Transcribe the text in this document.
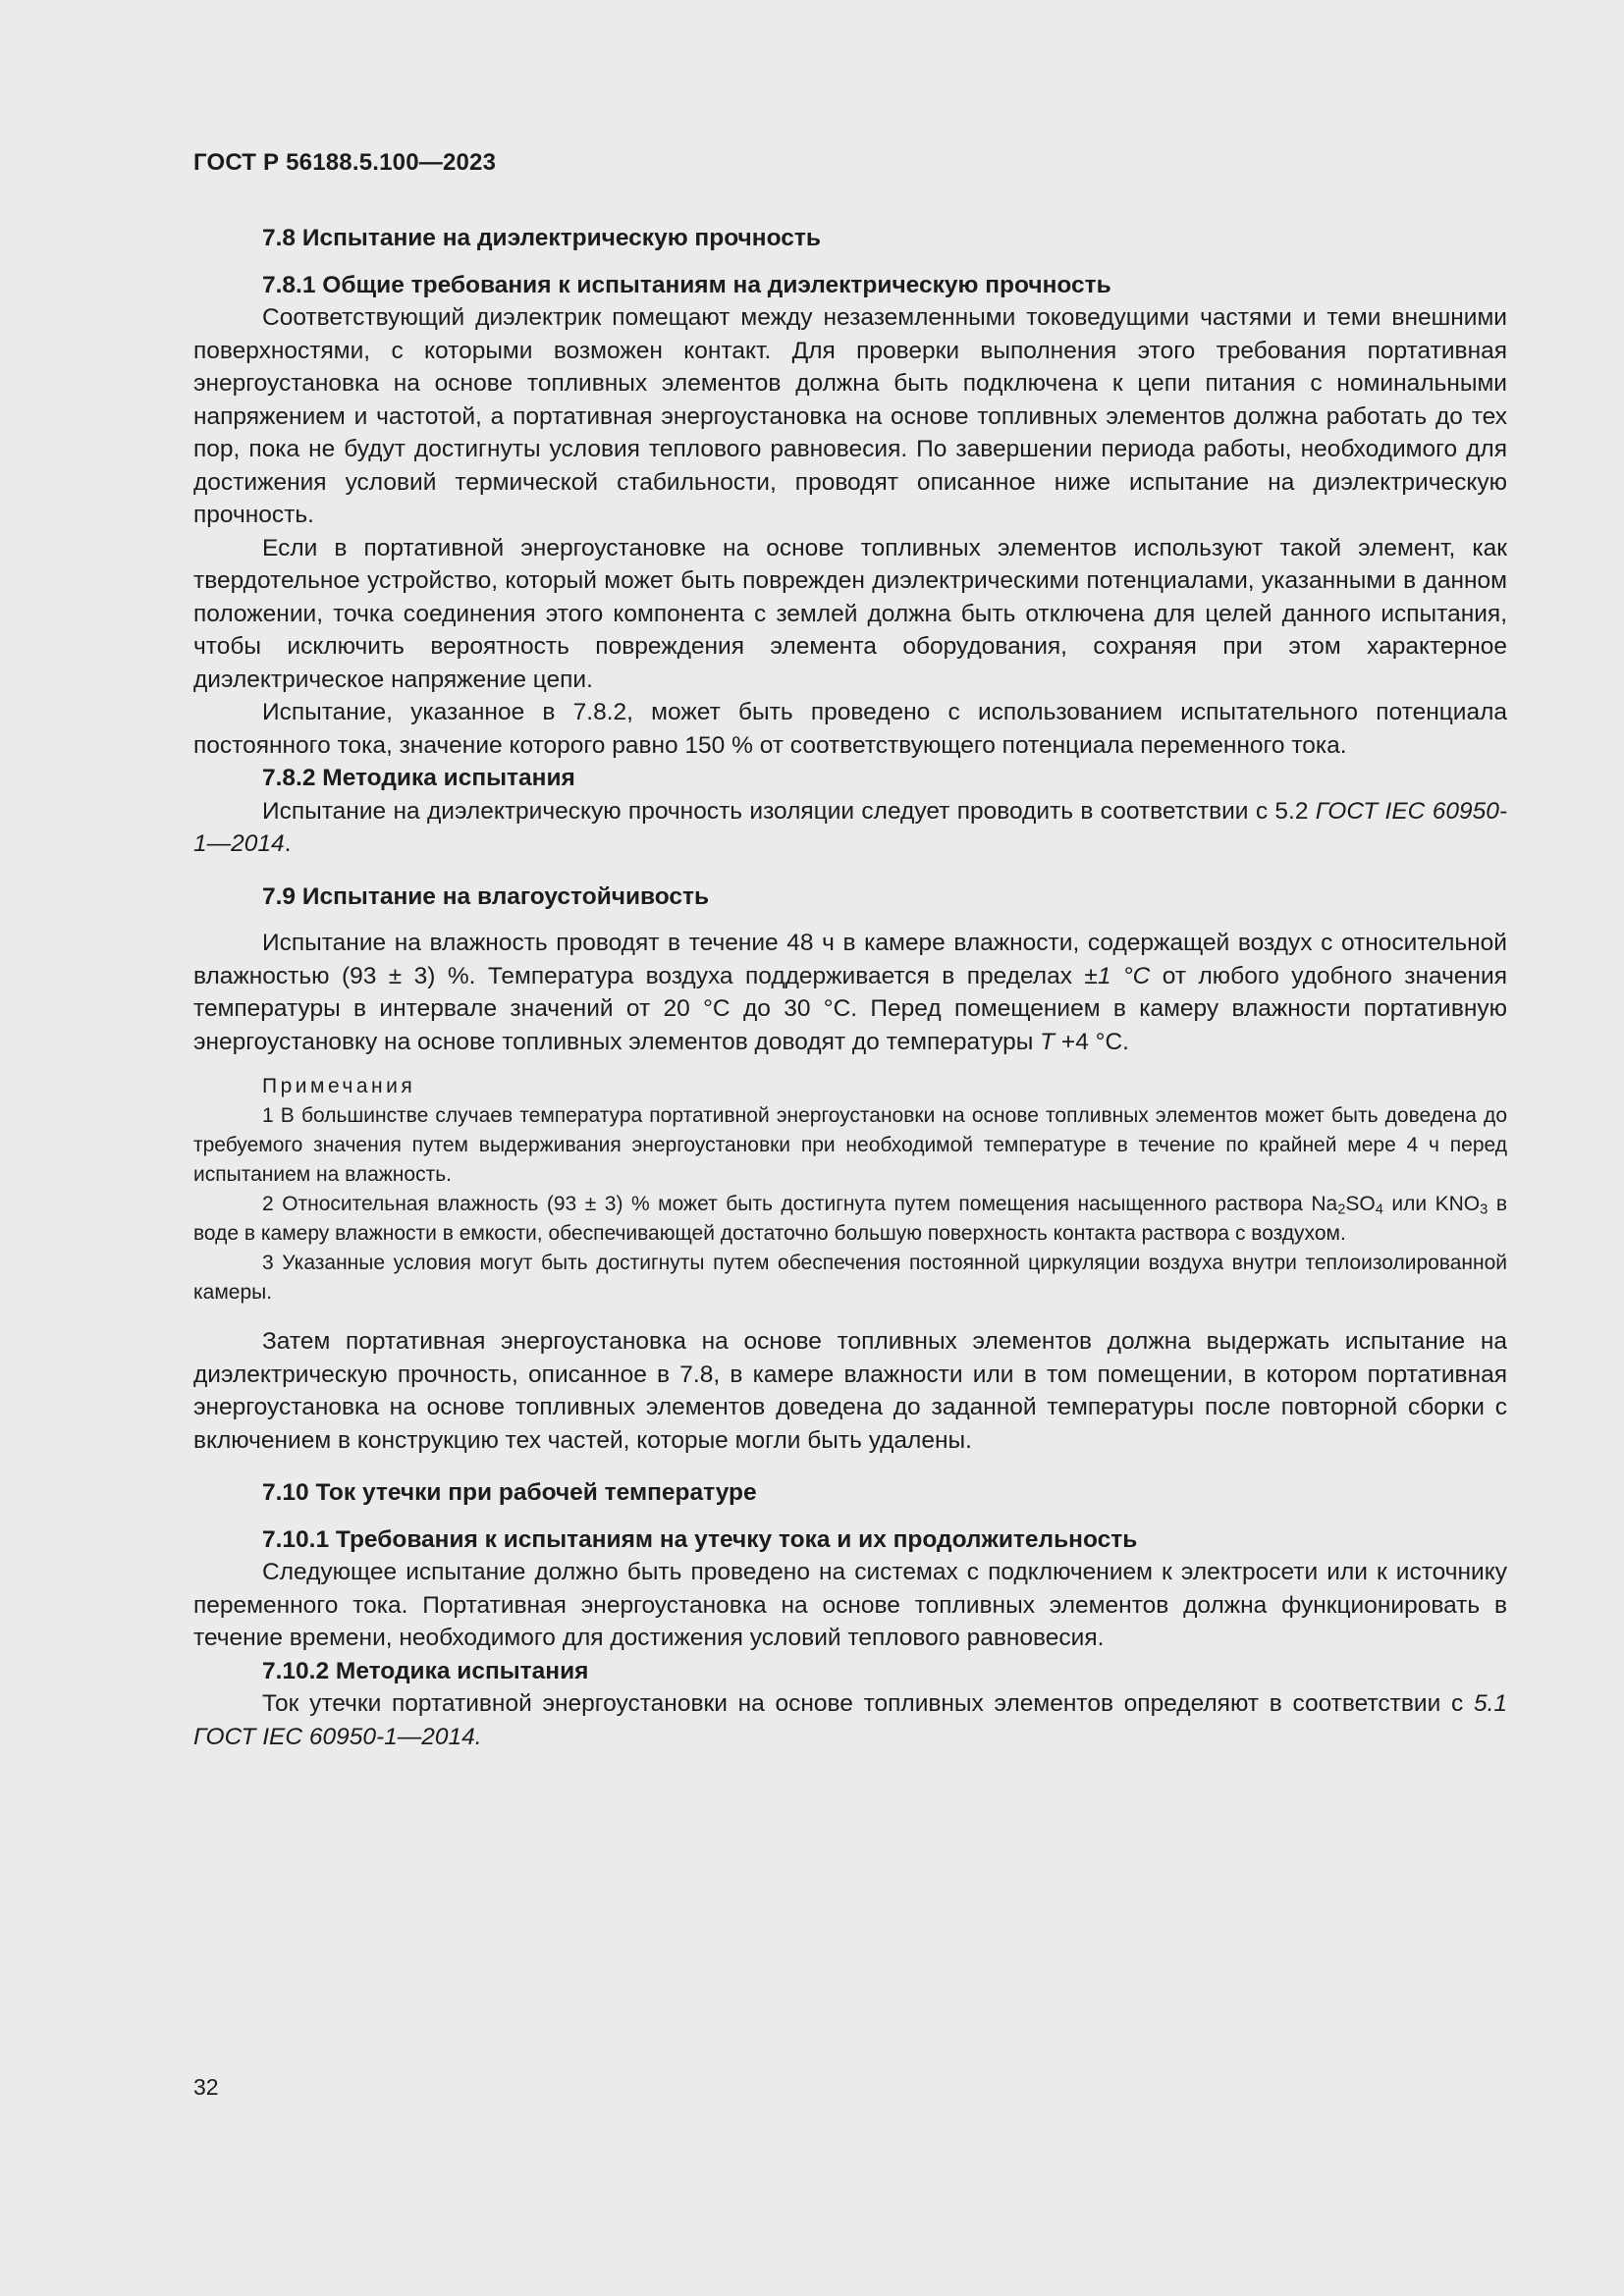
ГОСТ Р 56188.5.100—2023

7.8 Испытание на диэлектрическую прочность

7.8.1 Общие требования к испытаниям на диэлектрическую прочность

Соответствующий диэлектрик помещают между незаземленными токоведущими частями и теми внешними поверхностями, с которыми возможен контакт. Для проверки выполнения этого требования портативная энергоустановка на основе топливных элементов должна быть подключена к цепи питания с номинальными напряжением и частотой, а портативная энергоустановка на основе топливных элементов должна работать до тех пор, пока не будут достигнуты условия теплового равновесия. По завершении периода работы, необходимого для достижения условий термической стабильности, проводят описанное ниже испытание на диэлектрическую прочность.

Если в портативной энергоустановке на основе топливных элементов используют такой элемент, как твердотельное устройство, который может быть поврежден диэлектрическими потенциалами, указанными в данном положении, точка соединения этого компонента с землей должна быть отключена для целей данного испытания, чтобы исключить вероятность повреждения элемента оборудования, сохраняя при этом характерное диэлектрическое напряжение цепи.

Испытание, указанное в 7.8.2, может быть проведено с использованием испытательного потенциала постоянного тока, значение которого равно 150 % от соответствующего потенциала переменного тока.

7.8.2 Методика испытания

Испытание на диэлектрическую прочность изоляции следует проводить в соответствии с 5.2 ГОСТ IEC 60950-1—2014.

7.9 Испытание на влагоустойчивость

Испытание на влажность проводят в течение 48 ч в камере влажности, содержащей воздух с относительной влажностью (93 ± 3) %. Температура воздуха поддерживается в пределах ±1 °C от любого удобного значения температуры в интервале значений от 20 °C до 30 °C. Перед помещением в камеру влажности портативную энергоустановку на основе топливных элементов доводят до температуры T +4 °C.

Примечания

1 В большинстве случаев температура портативной энергоустановки на основе топливных элементов может быть доведена до требуемого значения путем выдерживания энергоустановки при необходимой температуре в течение по крайней мере 4 ч перед испытанием на влажность.

2 Относительная влажность (93 ± 3) % может быть достигнута путем помещения насыщенного раствора $Na_2SO_4$ или $KNO_3$ в воде в камеру влажности в емкости, обеспечивающей достаточно большую поверхность контакта раствора с воздухом.

3 Указанные условия могут быть достигнуты путем обеспечения постоянной циркуляции воздуха внутри теплоизолированной камеры.

Затем портативная энергоустановка на основе топливных элементов должна выдержать испытание на диэлектрическую прочность, описанное в 7.8, в камере влажности или в том помещении, в котором портативная энергоустановка на основе топливных элементов доведена до заданной температуры после повторной сборки с включением в конструкцию тех частей, которые могли быть удалены.

7.10 Ток утечки при рабочей температуре

7.10.1 Требования к испытаниям на утечку тока и их продолжительность

Следующее испытание должно быть проведено на системах с подключением к электросети или к источнику переменного тока. Портативная энергоустановка на основе топливных элементов должна функционировать в течение времени, необходимого для достижения условий теплового равновесия.

7.10.2 Методика испытания

Ток утечки портативной энергоустановки на основе топливных элементов определяют в соответствии с 5.1 ГОСТ IEC 60950-1—2014.

32
